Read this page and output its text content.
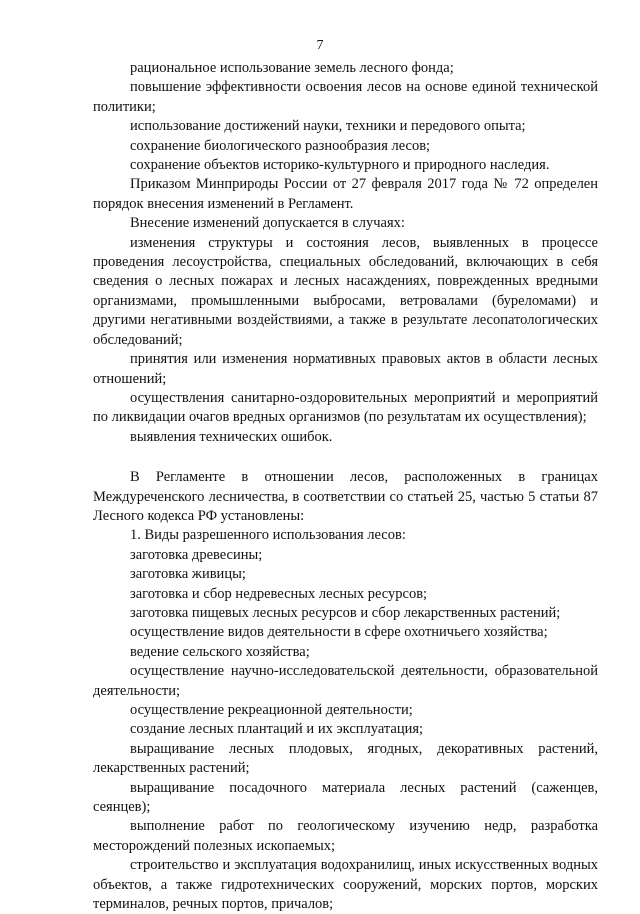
7

рациональное использование земель лесного фонда;

повышение эффективности освоения лесов на основе единой технической политики;

использование достижений науки, техники и передового опыта;

сохранение биологического разнообразия лесов;

сохранение объектов историко-культурного и природного наследия.

Приказом Минприроды России от 27 февраля 2017 года № 72 определен порядок внесения изменений в Регламент.

Внесение изменений допускается в случаях:

изменения структуры и состояния лесов, выявленных в процессе проведения лесоустройства, специальных обследований, включающих в себя сведения о лесных пожарах и лесных насаждениях, поврежденных вредными организмами, промышленными выбросами, ветровалами (буреломами) и другими негативными воздействиями, а также в результате лесопатологических обследований;

принятия или изменения нормативных правовых актов в области лесных отношений;

осуществления санитарно-оздоровительных мероприятий и мероприятий по ликвидации очагов вредных организмов (по результатам их осуществления);

выявления технических ошибок.

В Регламенте в отношении лесов, расположенных в границах Междуреченского лесничества, в соответствии со статьей 25, частью 5 статьи 87 Лесного кодекса РФ установлены:

1. Виды разрешенного использования лесов:

заготовка древесины;

заготовка живицы;

заготовка и сбор недревесных лесных ресурсов;

заготовка пищевых лесных ресурсов и сбор лекарственных растений;

осуществление видов деятельности в сфере охотничьего хозяйства;

ведение сельского хозяйства;

осуществление научно-исследовательской деятельности, образовательной деятельности;

осуществление рекреационной деятельности;

создание лесных плантаций и их эксплуатация;

выращивание лесных плодовых, ягодных, декоративных растений, лекарственных растений;

выращивание посадочного материала лесных растений (саженцев, сеянцев);

выполнение работ по геологическому изучению недр, разработка месторождений полезных ископаемых;

строительство и эксплуатация водохранилищ, иных искусственных водных объектов, а также гидротехнических сооружений, морских портов, морских терминалов, речных портов, причалов;
